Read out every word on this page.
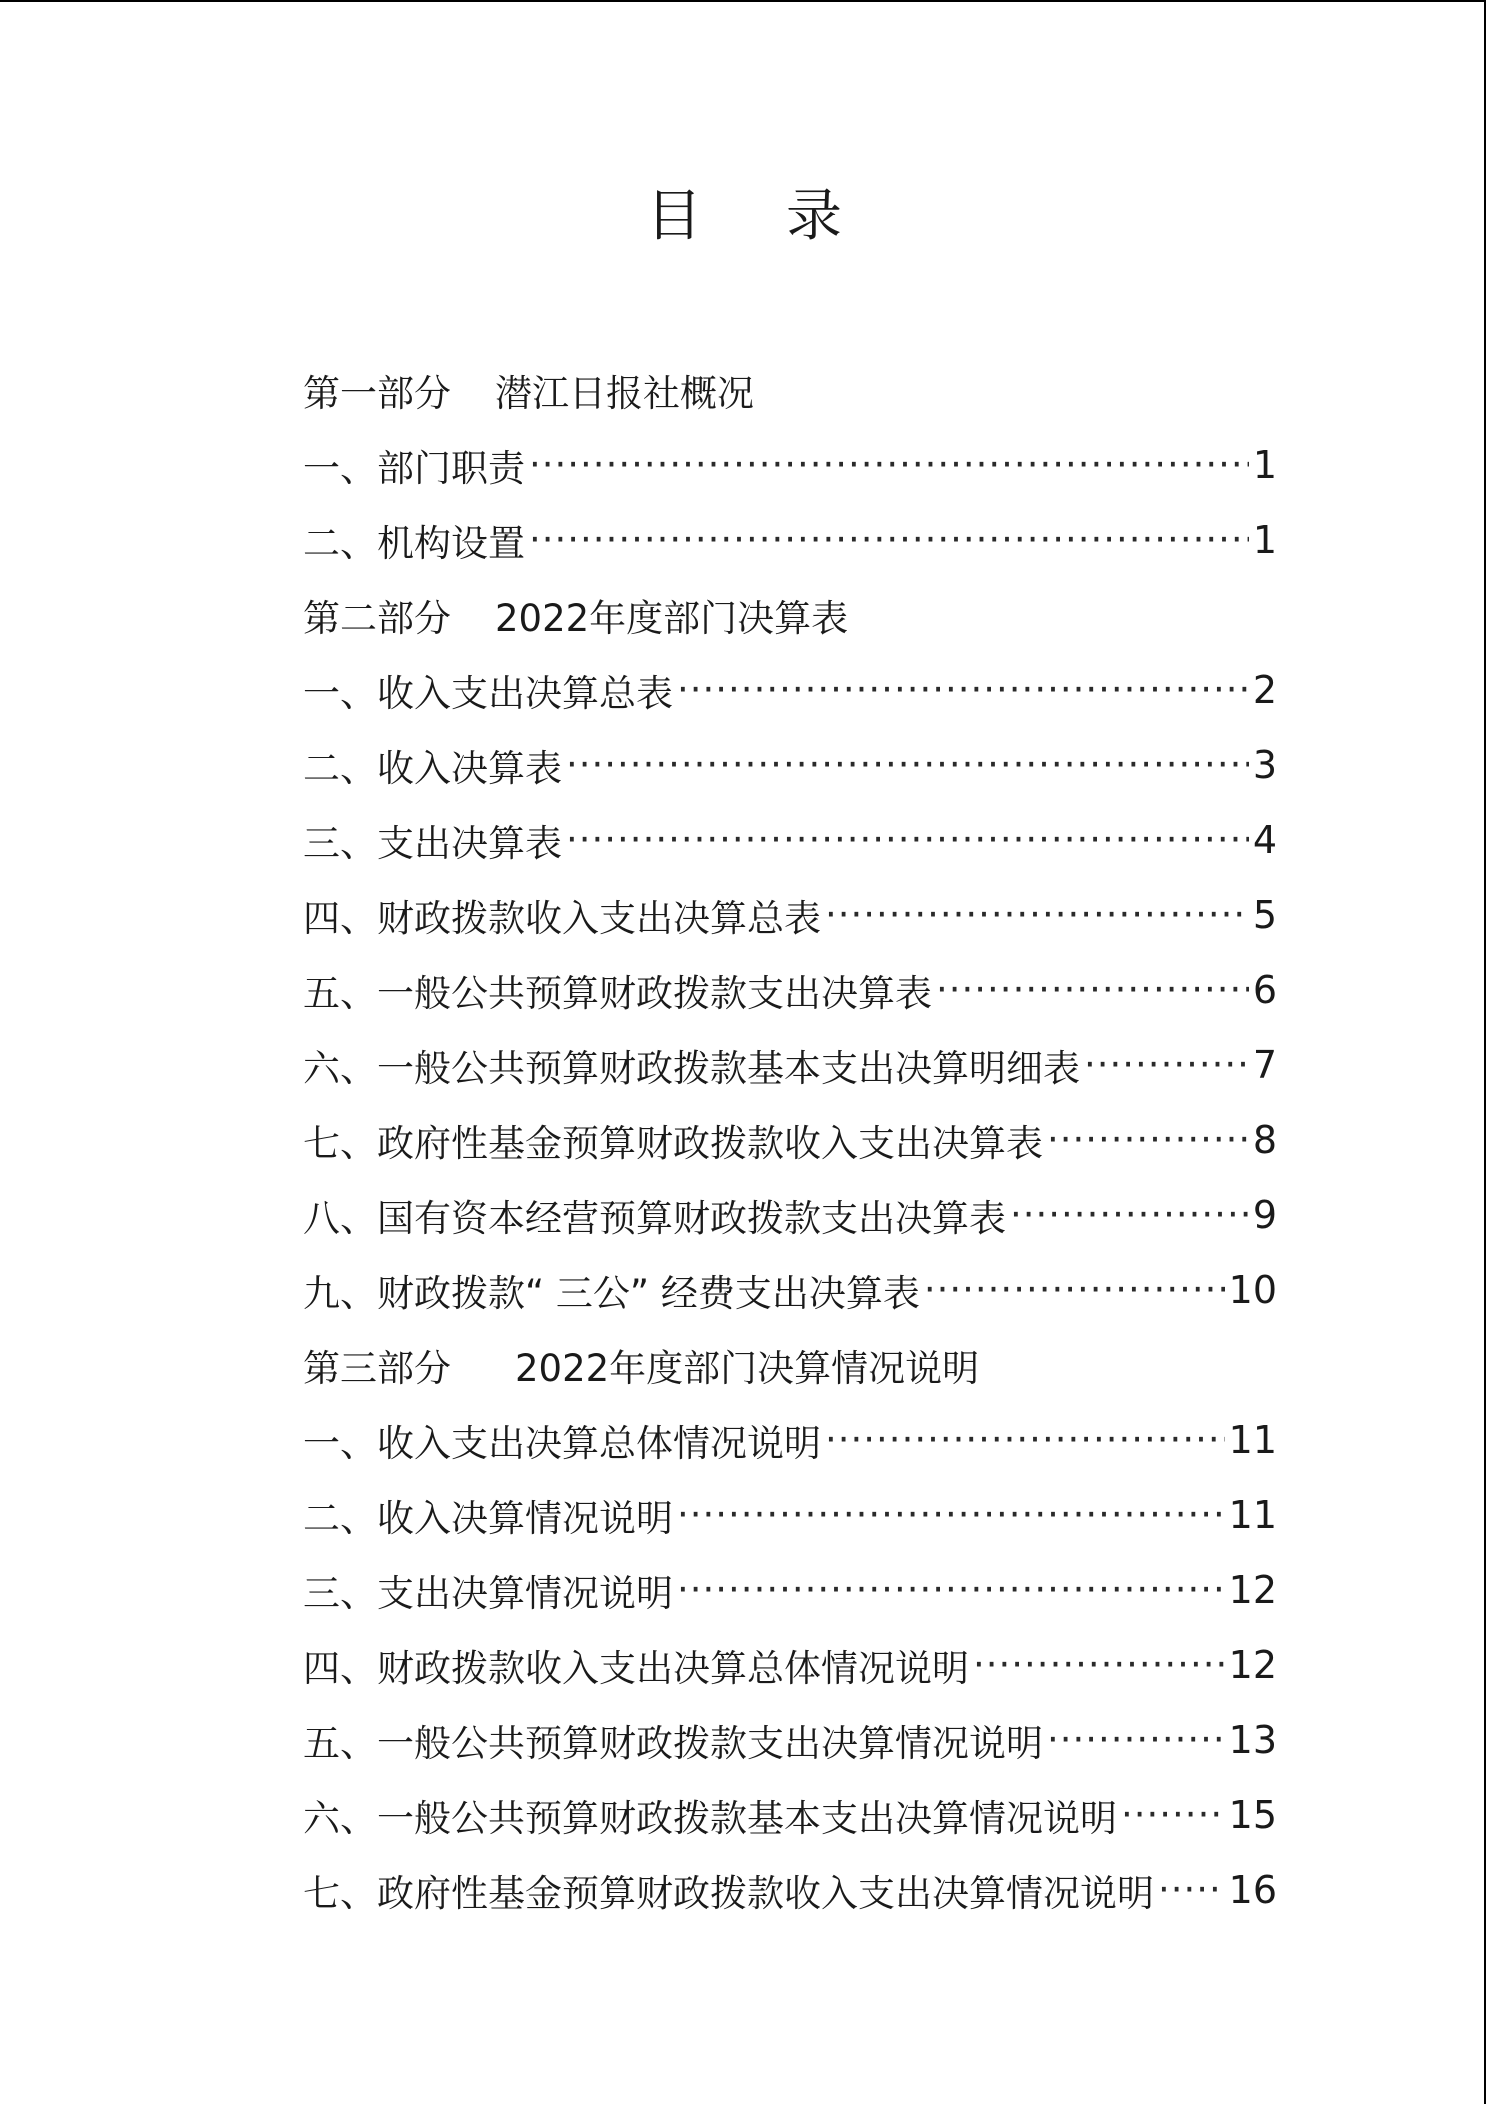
目 录
第一部分 潜江日报社概况
一、部门职责 ·····	1
二、机构设置 ·····	1
第二部分 2022年度部门决算表
一、收入支出决算总表 ·····	2
二、收入决算表 ·····	3
三、支出决算表 ·····	4
四、财政拨款收入支出决算总表 ·····	5
五、一般公共预算财政拨款支出决算表 ·····	6
六、一般公共预算财政拨款基本支出决算明细表 ·····	7
七、政府性基金预算财政拨款收入支出决算表 ·····	8
八、国有资本经营预算财政拨款支出决算表 ·····	9
九、财政拨款“ 三公” 经费支出决算表 ·····	10
第三部分 2022年度部门决算情况说明
一、收入支出决算总体情况说明 ·····	11
二、收入决算情况说明 ·····	11
三、支出决算情况说明 ·····	12
四、财政拨款收入支出决算总体情况说明 ·····	12
五、一般公共预算财政拨款支出决算情况说明 ·····	13
六、一般公共预算财政拨款基本支出决算情况说明 ·····	15
七、政府性基金预算财政拨款收入支出决算情况说明 ····· 16
